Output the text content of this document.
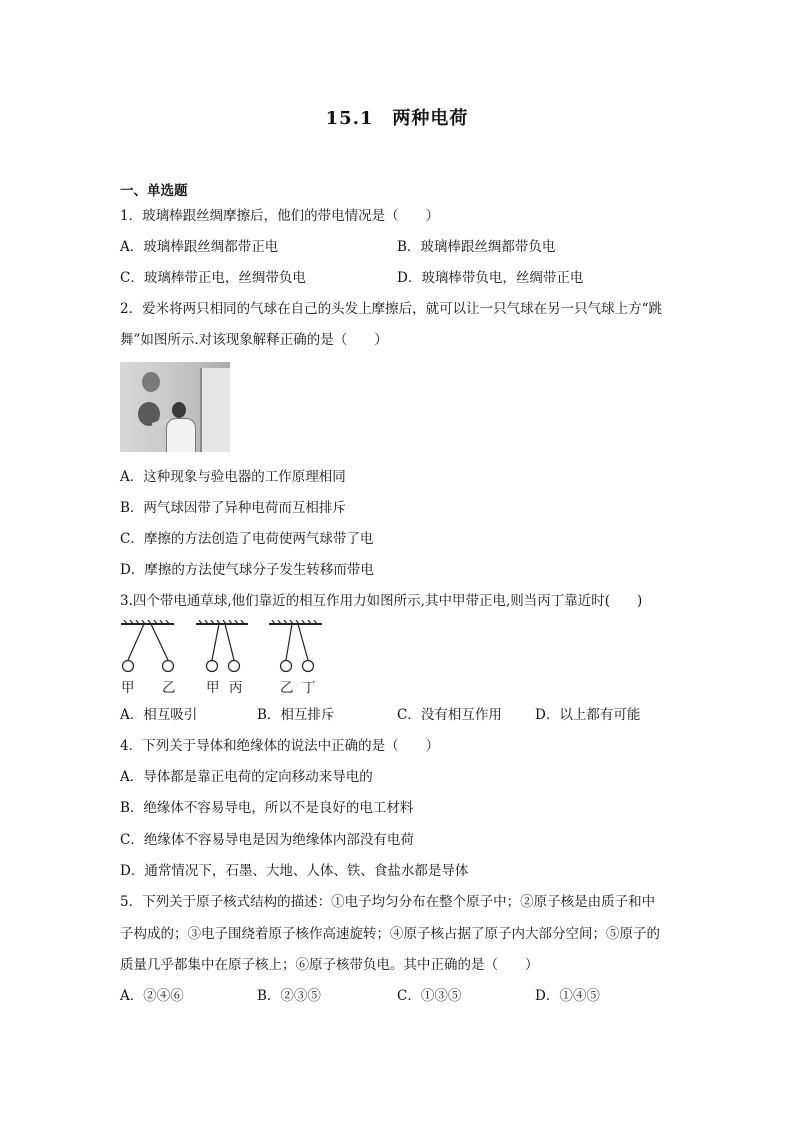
15.1　两种电荷
一、单选题
1．玻璃棒跟丝绸摩擦后，他们的带电情况是（　　）
A．玻璃棒跟丝绸都带正电	B．玻璃棒跟丝绸都带负电
C．玻璃棒带正电，丝绸带负电	D．玻璃棒带负电，丝绸带正电
2．爱米将两只相同的气球在自己的头发上摩擦后，就可以让一只气球在另一只气球上方“跳
舞”如图所示.对该现象解释正确的是（　　）
A．这种现象与验电器的工作原理相同
B．两气球因带了异种电荷而互相排斥
C．摩擦的方法创造了电荷使两气球带了电
D．摩擦的方法使气球分子发生转移而带电
3.四个带电通草球,他们靠近的相互作用力如图所示,其中甲带正电,则当丙丁靠近时(　　)
甲 乙 甲 丙	乙 丁
A．相互吸引	B．相互排斥	C．没有相互作用 D．以上都有可能
4．下列关于导体和绝缘体的说法中正确的是（　　）
A．导体都是靠正电荷的定向移动来导电的
B．绝缘体不容易导电，所以不是良好的电工材料
C．绝缘体不容易导电是因为绝缘体内部没有电荷
D．通常情况下，石墨、大地、人体、铁、食盐水都是导体
5．下列关于原子核式结构的描述：①电子均匀分布在整个原子中；②原子核是由质子和中
子构成的；③电子围绕着原子核作高速旋转；④原子核占据了原子内大部分空间；⑤原子的
质量几乎都集中在原子核上；⑥原子核带负电。其中正确的是（　　）
A．②④⑥	B．②③⑤	C．①③⑤	D．①④⑤
